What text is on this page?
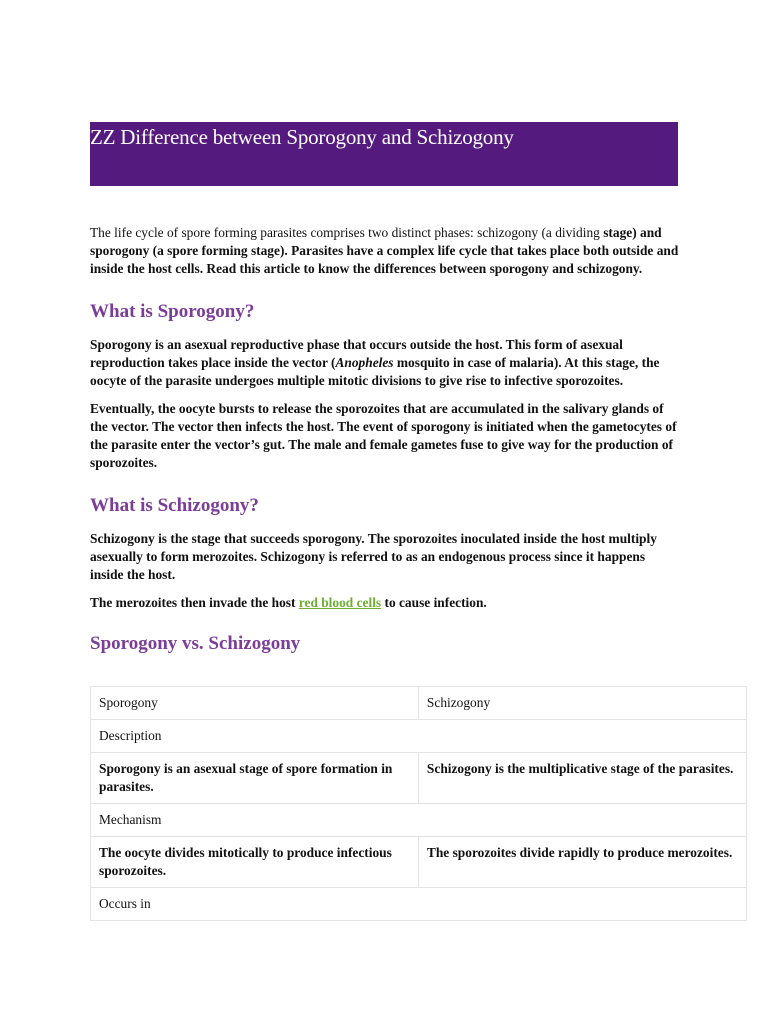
ZZ Difference between Sporogony and Schizogony

The life cycle of spore forming parasites comprises two distinct phases: schizogony (a dividing stage) and sporogony (a spore forming stage). Parasites have a complex life cycle that takes place both outside and inside the host cells. Read this article to know the differences between sporogony and schizogony.

What is Sporogony?

Sporogony is an asexual reproductive phase that occurs outside the host. This form of asexual reproduction takes place inside the vector (Anopheles mosquito in case of malaria). At this stage, the oocyte of the parasite undergoes multiple mitotic divisions to give rise to infective sporozoites.

Eventually, the oocyte bursts to release the sporozoites that are accumulated in the salivary glands of the vector. The vector then infects the host. The event of sporogony is initiated when the gametocytes of the parasite enter the vector’s gut. The male and female gametes fuse to give way for the production of sporozoites.

What is Schizogony?

Schizogony is the stage that succeeds sporogony. The sporozoites inoculated inside the host multiply asexually to form merozoites. Schizogony is referred to as an endogenous process since it happens inside the host.

The merozoites then invade the host red blood cells to cause infection.

Sporogony vs. Schizogony
Sporogony	Schizogony
Description	
Sporogony is an asexual stage of spore formation in parasites.	Schizogony is the multiplicative stage of the parasites.
Mechanism	
The oocyte divides mitotically to produce infectious sporozoites.	The sporozoites divide rapidly to produce merozoites.
Occurs in	
